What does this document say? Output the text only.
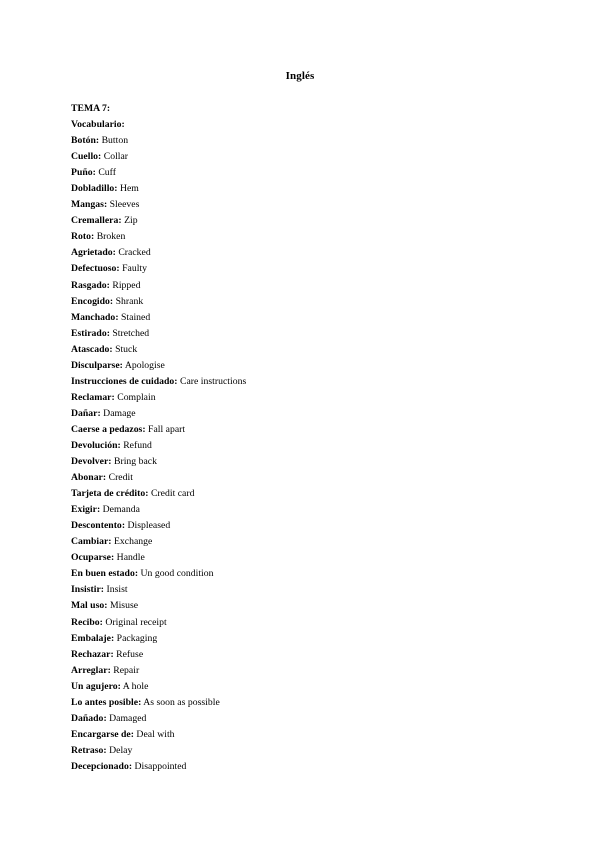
Inglés
TEMA 7:
Vocabulario:
Botón: Button
Cuello: Collar
Puño: Cuff
Dobladillo: Hem
Mangas: Sleeves
Cremallera: Zip
Roto: Broken
Agrietado: Cracked
Defectuoso: Faulty
Rasgado: Ripped
Encogido: Shrank
Manchado: Stained
Estirado: Stretched
Atascado: Stuck
Disculparse: Apologise
Instrucciones de cuidado: Care instructions
Reclamar: Complain
Dañar: Damage
Caerse a pedazos: Fall apart
Devolución: Refund
Devolver: Bring back
Abonar: Credit
Tarjeta de crédito: Credit card
Exigir: Demanda
Descontento: Displeased
Cambiar: Exchange
Ocuparse: Handle
En buen estado: Un good condition
Insistir: Insist
Mal uso: Misuse
Recibo: Original receipt
Embalaje: Packaging
Rechazar: Refuse
Arreglar: Repair
Un agujero: A hole
Lo antes posible: As soon as possible
Dañado: Damaged
Encargarse de: Deal with
Retraso: Delay
Decepcionado: Disappointed
